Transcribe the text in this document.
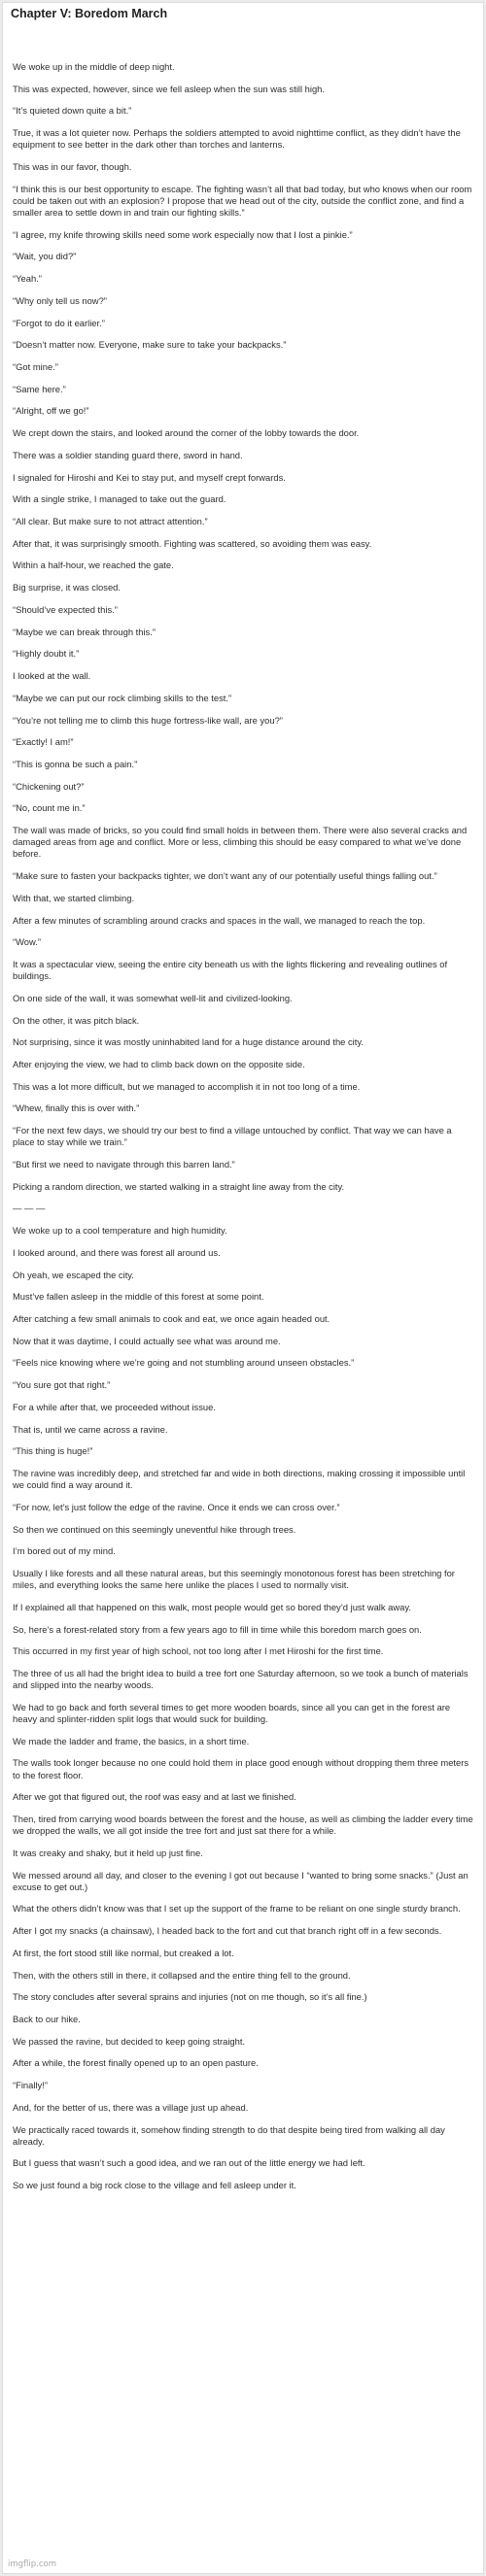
Chapter V: Boredom March

We woke up in the middle of deep night.

This was expected, however, since we fell asleep when the sun was still high.

“It’s quieted down quite a bit.”

True, it was a lot quieter now. Perhaps the soldiers attempted to avoid nighttime conflict, as they didn’t have the equipment to see better in the dark other than torches and lanterns.

This was in our favor, though.

“I think this is our best opportunity to escape. The fighting wasn’t all that bad today, but who knows when our room could be taken out with an explosion? I propose that we head out of the city, outside the conflict zone, and find a smaller area to settle down in and train our fighting skills.”

“I agree, my knife throwing skills need some work especially now that I lost a pinkie.”

“Wait, you did?”

“Yeah.”

“Why only tell us now?”

“Forgot to do it earlier.”

“Doesn’t matter now. Everyone, make sure to take your backpacks.”

“Got mine.”

“Same here.”

“Alright, off we go!”

We crept down the stairs, and looked around the corner of the lobby towards the door.

There was a soldier standing guard there, sword in hand.

I signaled for Hiroshi and Kei to stay put, and myself crept forwards.

With a single strike, I managed to take out the guard.

“All clear. But make sure to not attract attention.”

After that, it was surprisingly smooth. Fighting was scattered, so avoiding them was easy.

Within a half-hour, we reached the gate.

Big surprise, it was closed.

“Should’ve expected this.”

“Maybe we can break through this.”

“Highly doubt it.”

I looked at the wall.

“Maybe we can put our rock climbing skills to the test.”

“You’re not telling me to climb this huge fortress-like wall, are you?”

“Exactly! I am!”

“This is gonna be such a pain.”

“Chickening out?”

“No, count me in.”

The wall was made of bricks, so you could find small holds in between them. There were also several cracks and damaged areas from age and conflict. More or less, climbing this should be easy compared to what we’ve done before.

“Make sure to fasten your backpacks tighter, we don’t want any of our potentially useful things falling out.”

With that, we started climbing.

After a few minutes of scrambling around cracks and spaces in the wall, we managed to reach the top.

“Wow.”

It was a spectacular view, seeing the entire city beneath us with the lights flickering and revealing outlines of buildings.

On one side of the wall, it was somewhat well-lit and civilized-looking.

On the other, it was pitch black.

Not surprising, since it was mostly uninhabited land for a huge distance around the city.

After enjoying the view, we had to climb back down on the opposite side.

This was a lot more difficult, but we managed to accomplish it in not too long of a time.

“Whew, finally this is over with.”

“For the next few days, we should try our best to find a village untouched by conflict. That way we can have a place to stay while we train.”

“But first we need to navigate through this barren land.”

Picking a random direction, we started walking in a straight line away from the city.

— — —

We woke up to a cool temperature and high humidity.

I looked around, and there was forest all around us.

Oh yeah, we escaped the city.

Must’ve fallen asleep in the middle of this forest at some point.

After catching a few small animals to cook and eat, we once again headed out.

Now that it was daytime, I could actually see what was around me.

“Feels nice knowing where we’re going and not stumbling around unseen obstacles.”

“You sure got that right.”

For a while after that, we proceeded without issue.

That is, until we came across a ravine.

“This thing is huge!”

The ravine was incredibly deep, and stretched far and wide in both directions, making crossing it impossible until we could find a way around it.

“For now, let’s just follow the edge of the ravine. Once it ends we can cross over.”

So then we continued on this seemingly uneventful hike through trees.

I’m bored out of my mind.

Usually I like forests and all these natural areas, but this seemingly monotonous forest has been stretching for miles, and everything looks the same here unlike the places I used to normally visit.

If I explained all that happened on this walk, most people would get so bored they’d just walk away.

So, here’s a forest-related story from a few years ago to fill in time while this boredom march goes on.

This occurred in my first year of high school, not too long after I met Hiroshi for the first time.

The three of us all had the bright idea to build a tree fort one Saturday afternoon, so we took a bunch of materials and slipped into the nearby woods.

We had to go back and forth several times to get more wooden boards, since all you can get in the forest are heavy and splinter-ridden split logs that would suck for building.

We made the ladder and frame, the basics, in a short time.

The walls took longer because no one could hold them in place good enough without dropping them three meters to the forest floor.

After we got that figured out, the roof was easy and at last we finished.

Then, tired from carrying wood boards between the forest and the house, as well as climbing the ladder every time we dropped the walls, we all got inside the tree fort and just sat there for a while.

It was creaky and shaky, but it held up just fine.

We messed around all day, and closer to the evening I got out because I “wanted to bring some snacks.” (Just an excuse to get out.)

What the others didn’t know was that I set up the support of the frame to be reliant on one single sturdy branch.

After I got my snacks (a chainsaw), I headed back to the fort and cut that branch right off in a few seconds.

At first, the fort stood still like normal, but creaked a lot.

Then, with the others still in there, it collapsed and the entire thing fell to the ground.

The story concludes after several sprains and injuries (not on me though, so it’s all fine.)

Back to our hike.

We passed the ravine, but decided to keep going straight.

After a while, the forest finally opened up to an open pasture.

“Finally!”

And, for the better of us, there was a village just up ahead.

We practically raced towards it, somehow finding strength to do that despite being tired from walking all day already.

But I guess that wasn’t such a good idea, and we ran out of the little energy we had left.

So we just found a big rock close to the village and fell asleep under it.

imgflip.com
